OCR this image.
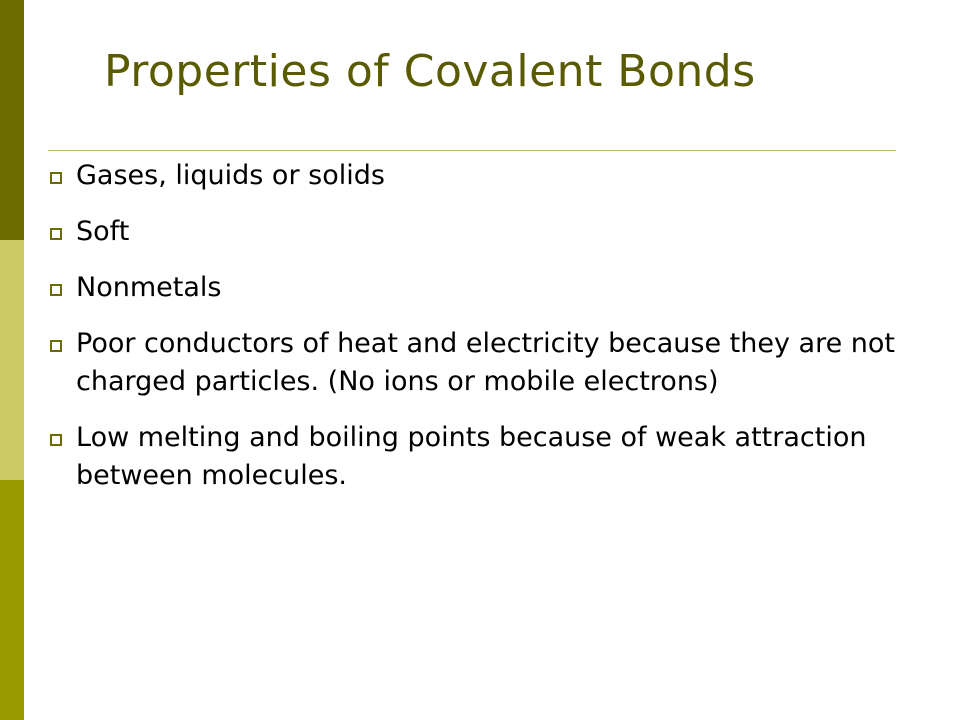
Properties of Covalent Bonds
Gases, liquids or solids
Soft
Nonmetals
Poor conductors of heat and electricity because they are not charged particles. (No ions or mobile electrons)
Low melting and boiling points because of weak attraction between molecules.
